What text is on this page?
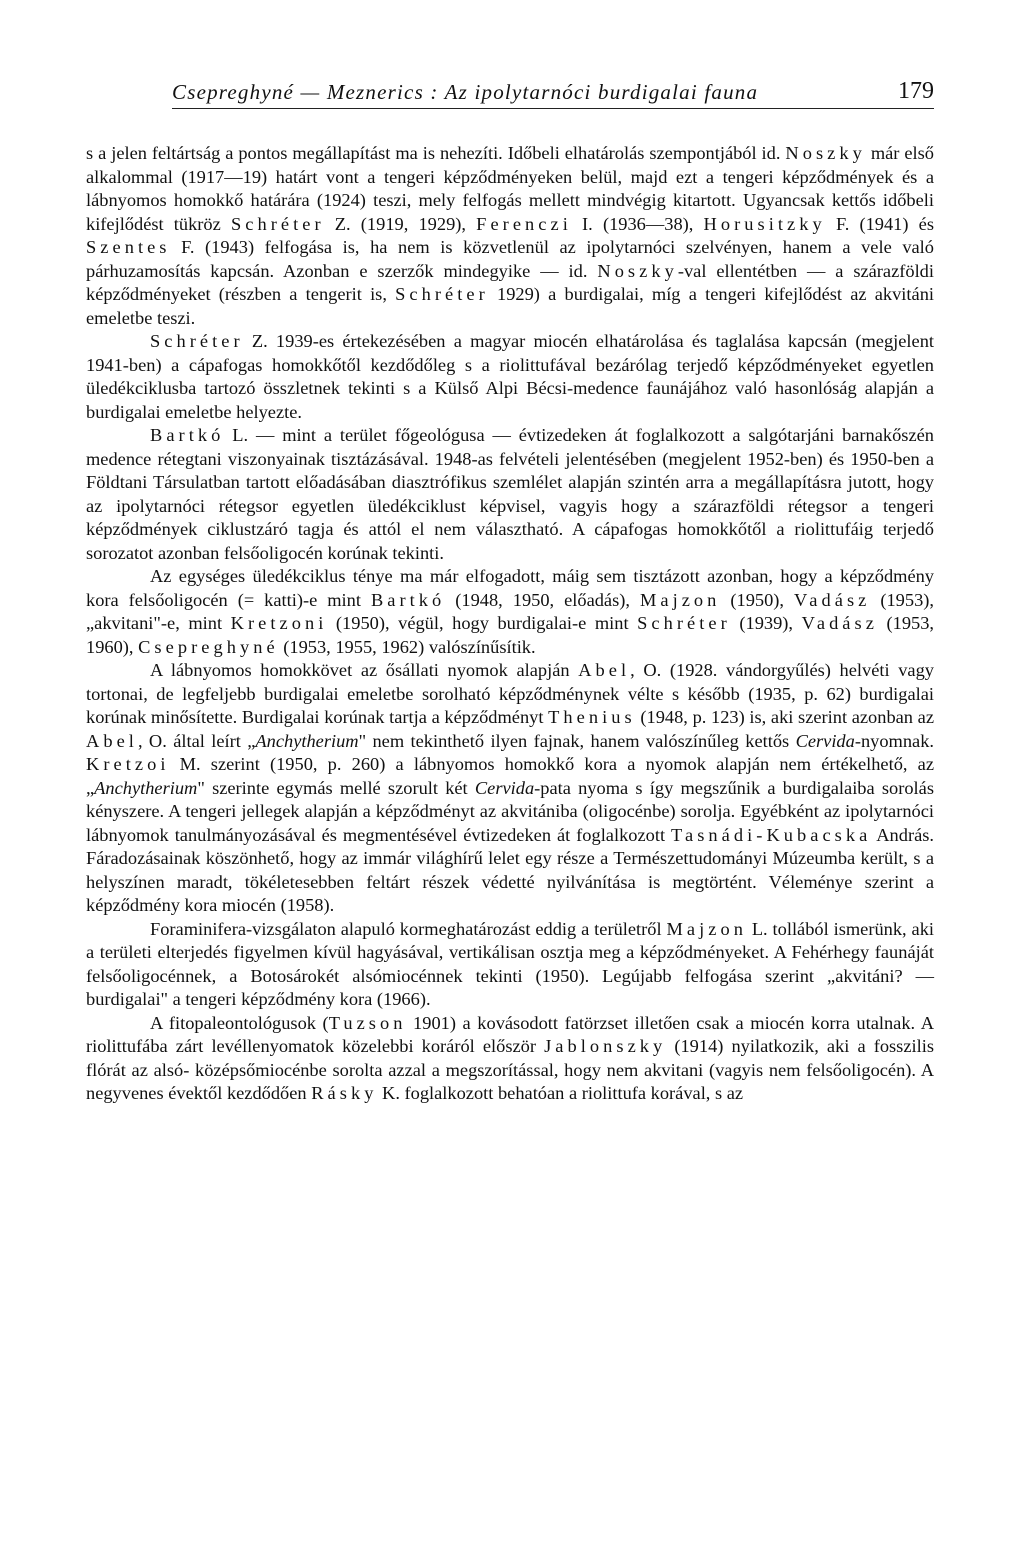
Csepreghyné — Meznerics : Az ipolytarnóci burdigalai fauna	179

s a jelen feltártság a pontos megállapítást ma is nehezíti. Időbeli elhatárolás szempontjából id. Noszky már első alkalommal (1917—19) határt vont a tengeri képződményeken belül, majd ezt a tengeri képződmények és a lábnyomos homokkő határára (1924) teszi, mely felfogás mellett mindvégig kitartott. Ugyancsak kettős időbeli kifejlődést tükröz Schréter Z. (1919, 1929), Ferenczi I. (1936—38), Horusitzky F. (1941) és Szentes F. (1943) felfogása is, ha nem is közvetlenül az ipolytarnóci szelvényen, hanem a vele való párhuzamosítás kapcsán. Azonban e szerzők mindegyike — id. Noszky-val ellentétben — a szárazföldi képződményeket (részben a tengerit is, Schréter 1929) a burdigalai, míg a tengeri kifejlődést az akvitáni emeletbe teszi.

Schréter Z. 1939-es értekezésében a magyar miocén elhatárolása és taglalása kapcsán (megjelent 1941-ben) a cápafogas homokkőtől kezdődőleg s a riolittufával bezárólag terjedő képződményeket egyetlen üledékciklusba tartozó összletnek tekinti s a Külső Alpi Bécsi-medence faunájához való hasonlóság alapján a burdigalai emeletbe helyezte.

Bartkó L. — mint a terület főgeológusa — évtizedeken át foglalkozott a salgótarjáni barnakőszén medence rétegtani viszonyainak tisztázásával. 1948-as felvételi jelentésében (megjelent 1952-ben) és 1950-ben a Földtani Társulatban tartott előadásában diasztrófikus szemlélet alapján szintén arra a megállapításra jutott, hogy az ipolytarnóci rétegsor egyetlen üledékciklust képvisel, vagyis hogy a szárazföldi rétegsor a tengeri képződmények ciklustzáró tagja és attól el nem választható. A cápafogas homokkőtől a riolittufáig terjedő sorozatot azonban felsőoligocén korúnak tekinti.

Az egységes üledékciklus ténye ma már elfogadott, máig sem tisztázott azonban, hogy a képződmény korа felsőoligocén (= katti)-e mint Bartkó (1948, 1950, előadás), Majzon (1950), Vadász (1953), „akvitani"-e, mint Kretzoni (1950), végül, hogy burdigalai-e mint Schréter (1939), Vadász (1953, 1960), Csepreghyné (1953, 1955, 1962) valószínűsítik.

A lábnyomos homokkövet az ősállati nyomok alapján Abel, O. (1928. vándorgyűlés) helvéti vagy tortonai, de legfeljebb burdigalai emeletbe sorolható képződménynek vélte s később (1935, p. 62) burdigalai korúnak minősítette. Burdigalai korúnak tartja a képződményt Thenius (1948, p. 123) is, aki szerint azonban az Abel, O. által leírt „Anchytherium" nem tekinthető ilyen fajnak, hanem valószínűleg kettős Cervida-nyomnak. Kretzoi M. szerint (1950, p. 260) a lábnyomos homokkő kora a nyomok alapján nem értékelhető, az „Anchytherium" szerinte egymás mellé szorult két Cervida-pata nyoma s így megszűnik a burdigalaiba sorolás kényszere. A tengeri jellegek alapján a képződményt az akvitániba (oligocénbe) sorolja. Egyébként az ipolytarnóci lábnyomok tanulmányozásával és megmentésével évtizedeken át foglalkozott Tasnádi-Kubacska András. Fáradozásainak köszönhető, hogy az immár világhírű lelet egy része a Természettudományi Múzeumba került, s a helyszínen maradt, tökéletesebben feltárt részek védetté nyilvánítása is megtörtént. Véleménye szerint a képződmény kora miocén (1958).

Foraminifera-vizsgálaton alapuló kormeghatározást eddig a területről Majzon L. tollából ismerünk, aki a területi elterjedés figyelmen kívül hagyásával, vertikálisan osztja meg a képződményeket. A Fehérhegy faunáját felsőoligocénnek, a Botosárokét alsómiocénnek tekinti (1950). Legújabb felfogása szerint „akvitáni? — burdigalai" a tengeri képződmény kora (1966).

A fitopaleontológusok (Tuzson 1901) a kovásodott fatörzset illetően csak a miocén korra utalnak. A riolittufába zárt levéllenyomatok közelebbi koráról először Jablonszky (1914) nyilatkozik, aki a fosszilis flórát az alsó- középsőmiocénbe sorolta azzal a megszorítással, hogy nem akvitani (vagyis nem felsőoligocén). A negyvenes évektől kezdődően Rásky K. foglalkozott behatóan a riolittufa korával, s az
